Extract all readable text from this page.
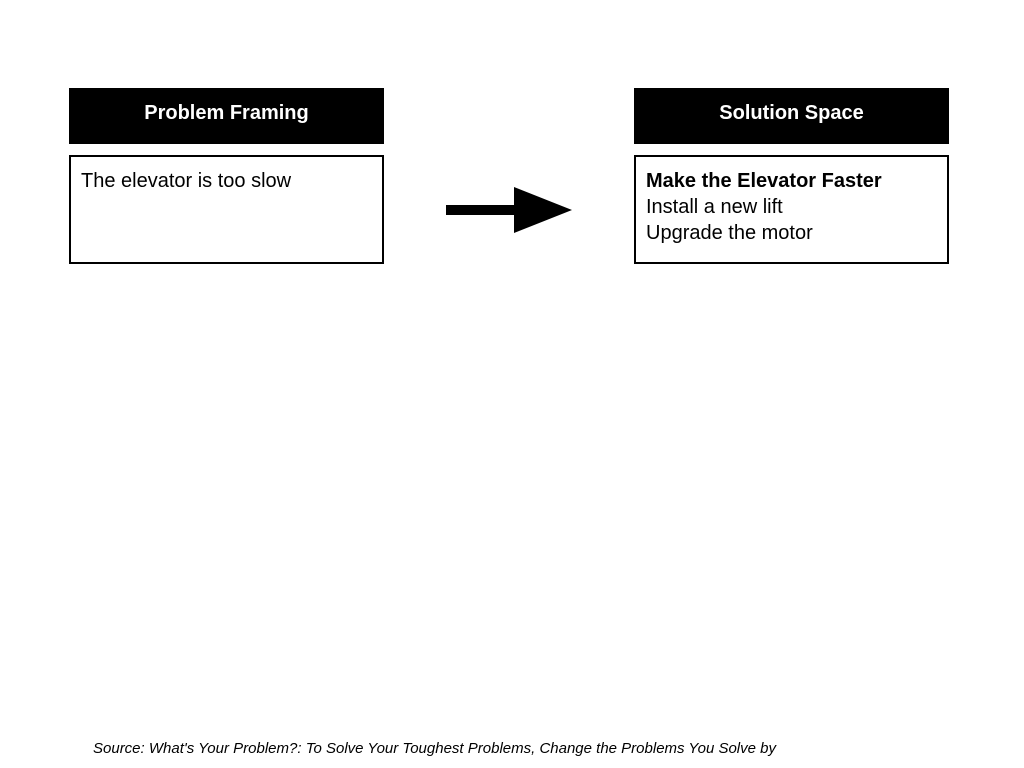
Problem Framing
The elevator is too slow
Solution Space
Make the Elevator Faster
Install a new lift
Upgrade the motor
Source: What's Your Problem?: To Solve Your Toughest Problems, Change the Problems You Solve by
